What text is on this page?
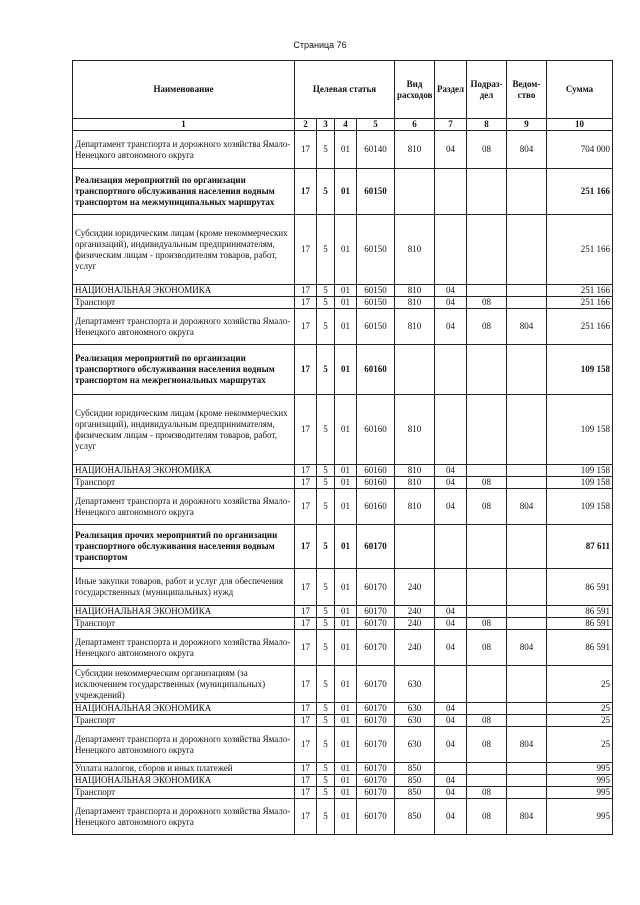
Страница 76
Наименование	Целевая статья				Вид расходов	Раздел	Подраз-дел	Ведом-ство	Сумма
1	2	3	4	5	6	7	8	9	10
Департамент транспорта и дорожного хозяйства Ямало-Ненецкого автономного округа	17	5	01	60140	810	04	08	804	704 000
Реализация мероприятий по организации транспортного обслуживания населения водным транспортом на межмуниципальных маршрутах	17	5	01	60150					251 166
Субсидии юридическим лицам (кроме некоммерческих организаций), индивидуальным предпринимателям, физическим лицам - производителям товаров, работ, услуг	17	5	01	60150	810				251 166
НАЦИОНАЛЬНАЯ ЭКОНОМИКА	17	5	01	60150	810	04			251 166
Транспорт	17	5	01	60150	810	04	08		251 166
Департамент транспорта и дорожного хозяйства Ямало-Ненецкого автономного округа	17	5	01	60150	810	04	08	804	251 166
Реализация мероприятий по организации транспортного обслуживания населения водным транспортом на межрегиональных маршрутах	17	5	01	60160					109 158
Субсидии юридическим лицам (кроме некоммерческих организаций), индивидуальным предпринимателям, физическим лицам - производителям товаров, работ, услуг	17	5	01	60160	810				109 158
НАЦИОНАЛЬНАЯ ЭКОНОМИКА	17	5	01	60160	810	04			109 158
Транспорт	17	5	01	60160	810	04	08		109 158
Департамент транспорта и дорожного хозяйства Ямало-Ненецкого автономного округа	17	5	01	60160	810	04	08	804	109 158
Реализация прочих мероприятий по организации транспортного обслуживания населения водным транспортом	17	5	01	60170					87 611
Иные закупки товаров, работ и услуг для обеспечения государственных (муниципальных) нужд	17	5	01	60170	240				86 591
НАЦИОНАЛЬНАЯ ЭКОНОМИКА	17	5	01	60170	240	04			86 591
Транспорт	17	5	01	60170	240	04	08		86 591
Департамент транспорта и дорожного хозяйства Ямало-Ненецкого автономного округа	17	5	01	60170	240	04	08	804	86 591
Субсидии некоммерческим организациям (за исключением государственных (муниципальных) учреждений)	17	5	01	60170	630				25
НАЦИОНАЛЬНАЯ ЭКОНОМИКА	17	5	01	60170	630	04			25
Транспорт	17	5	01	60170	630	04	08		25
Департамент транспорта и дорожного хозяйства Ямало-Ненецкого автономного округа	17	5	01	60170	630	04	08	804	25
Уплата налогов, сборов и иных платежей	17	5	01	60170	850				995
НАЦИОНАЛЬНАЯ ЭКОНОМИКА	17	5	01	60170	850	04			995
Транспорт	17	5	01	60170	850	04	08		995
Департамент транспорта и дорожного хозяйства Ямало-Ненецкого автономного округа	17	5	01	60170	850	04	08	804	995
